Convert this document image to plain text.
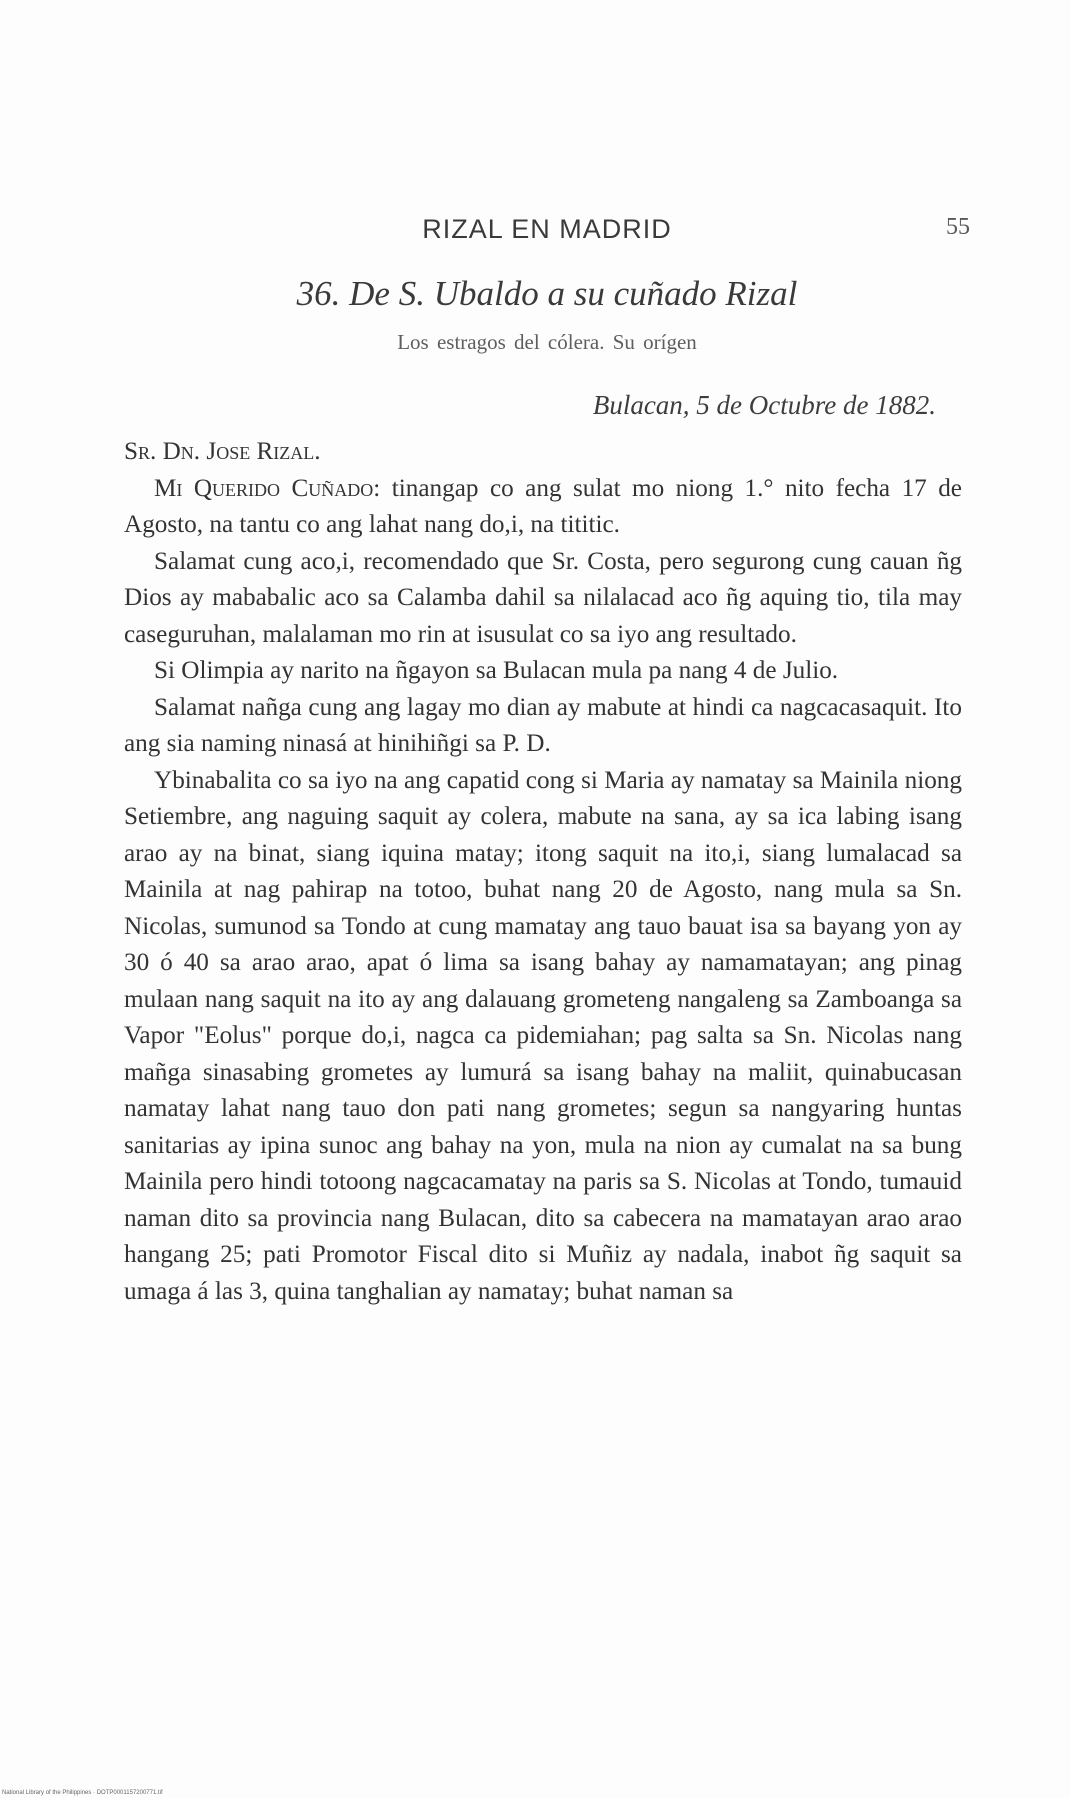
RIZAL EN MADRID	55
36. De S. Ubaldo a su cuñado Rizal
Los estragos del cólera. Su orígen
Bulacan, 5 de Octubre de 1882.

Sr. Dn. Jose Rizal.

Mi Querido Cuñado: tinangap co ang sulat mo niong 1.° nito fecha 17 de Agosto, na tantu co ang lahat nang do,i, na tititic.

Salamat cung aco,i, recomendado que Sr. Costa, pero segurong cung cauan ñg Dios ay mababalic aco sa Calamba dahil sa nilalacad aco ñg aquing tio, tila may caseguruhan, malalaman mo rin at isusulat co sa iyo ang resultado.

Si Olimpia ay narito na ñgayon sa Bulacan mula pa nang 4 de Julio.

Salamat nañga cung ang lagay mo dian ay mabute at hindi ca nagcacasaquit. Ito ang sia naming ninasá at hinihiñgi sa P. D.

Ybinabalita co sa iyo na ang capatid cong si Maria ay namatay sa Mainila niong Setiembre, ang naguing saquit ay colera, mabute na sana, ay sa ica labing isang arao ay na binat, siang iquina matay; itong saquit na ito,i, siang lumalacad sa Mainila at nag pahirap na totoo, buhat nang 20 de Agosto, nang mula sa Sn. Nicolas, sumunod sa Tondo at cung mamatay ang tauo bauat isa sa bayang yon ay 30 ó 40 sa arao arao, apat ó lima sa isang bahay ay namamatayan; ang pinag mulaan nang saquit na ito ay ang dalauang grometeng nangaleng sa Zamboanga sa Vapor "Eolus" porque do,i, nagca ca pidemiahan; pag salta sa Sn. Nicolas nang mañga sinasabing grometes ay lumurá sa isang bahay na maliit, quinabucasan namatay lahat nang tauo don pati nang grometes; segun sa nangyaring huntas sanitarias ay ipina sunoc ang bahay na yon, mula na nion ay cumalat na sa bung Mainila pero hindi totoong nagcacamatay na paris sa S. Nicolas at Tondo, tumauid naman dito sa provincia nang Bulacan, dito sa cabecera na mamatayan arao arao hangang 25; pati Promotor Fiscal dito si Muñiz ay nadala, inabot ñg saquit sa umaga á las 3, quina tanghalian ay namatay; buhat naman sa

National Library of the Philippines · DOTP0001157200771.tif
